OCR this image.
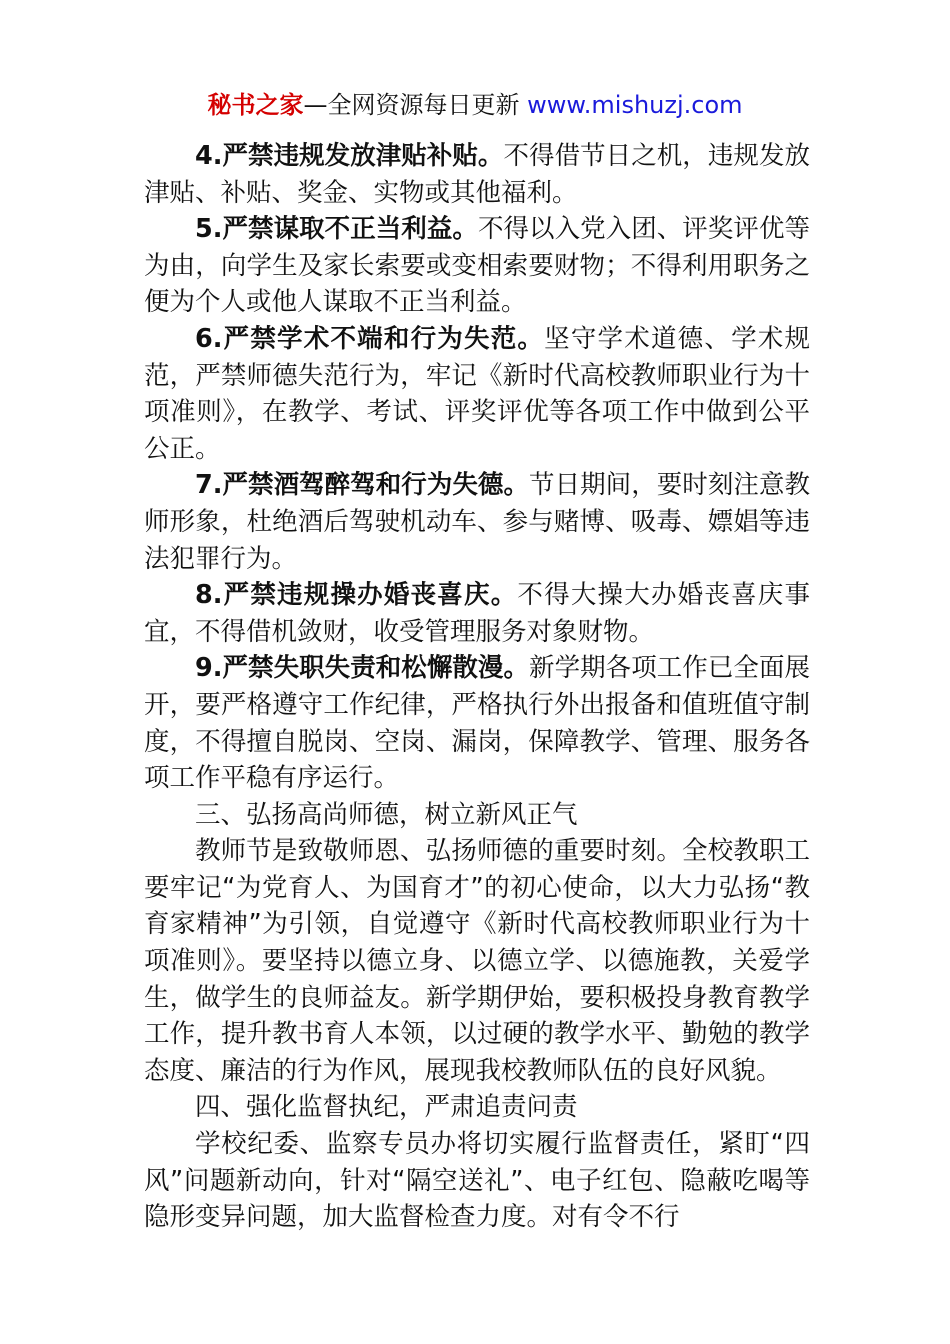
秘书之家—全网资源每日更新 www.mishuzj.com

4.严禁违规发放津贴补贴。不得借节日之机，违规发放津贴、补贴、奖金、实物或其他福利。

5.严禁谋取不正当利益。不得以入党入团、评奖评优等为由，向学生及家长索要或变相索要财物；不得利用职务之便为个人或他人谋取不正当利益。

6.严禁学术不端和行为失范。坚守学术道德、学术规范，严禁师德失范行为，牢记《新时代高校教师职业行为十项准则》，在教学、考试、评奖评优等各项工作中做到公平公正。

7.严禁酒驾醉驾和行为失德。节日期间，要时刻注意教师形象，杜绝酒后驾驶机动车、参与赌博、吸毒、嫖娼等违法犯罪行为。

8.严禁违规操办婚丧喜庆。不得大操大办婚丧喜庆事宜，不得借机敛财，收受管理服务对象财物。

9.严禁失职失责和松懈散漫。新学期各项工作已全面展开，要严格遵守工作纪律，严格执行外出报备和值班值守制度，不得擅自脱岗、空岗、漏岗，保障教学、管理、服务各项工作平稳有序运行。

三、弘扬高尚师德，树立新风正气

教师节是致敬师恩、弘扬师德的重要时刻。全校教职工要牢记“为党育人、为国育才”的初心使命，以大力弘扬“教育家精神”为引领，自觉遵守《新时代高校教师职业行为十项准则》。要坚持以德立身、以德立学、以德施教，关爱学生，做学生的良师益友。新学期伊始，要积极投身教育教学工作，提升教书育人本领，以过硬的教学水平、勤勉的教学态度、廉洁的行为作风，展现我校教师队伍的良好风貌。

四、强化监督执纪，严肃追责问责

学校纪委、监察专员办将切实履行监督责任，紧盯“四风”问题新动向，针对“隔空送礼”、电子红包、隐蔽吃喝等隐形变异问题，加大监督检查力度。对有令不行
